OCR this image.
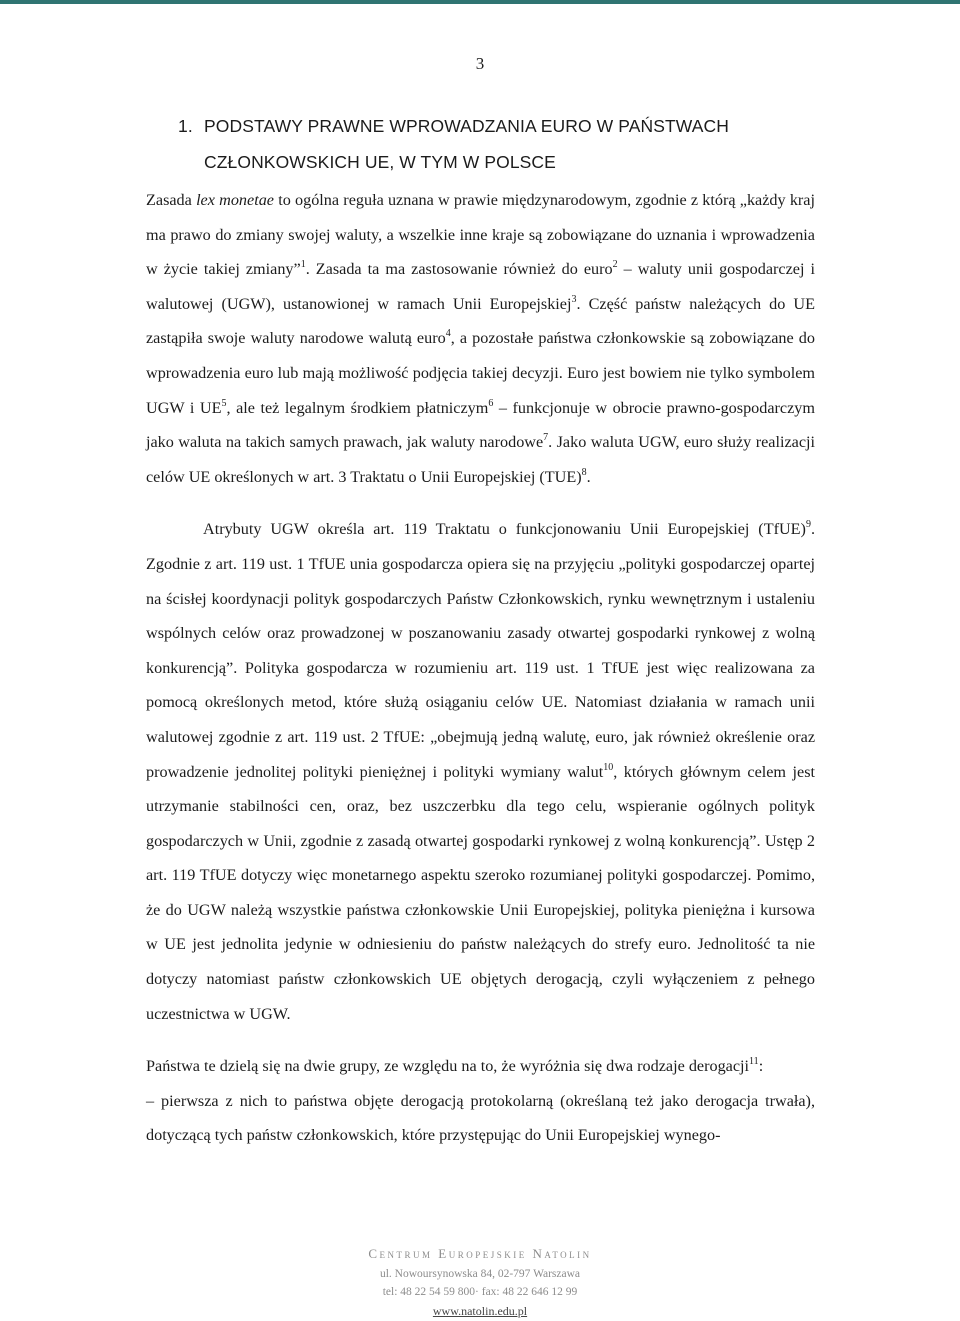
3
1. PODSTAWY PRAWNE WPROWADZANIA EURO W PAŃSTWACH
CZŁONKOWSKICH UE, W TYM W POLSCE

Zasada lex monetae to ogólna reguła uznana w prawie międzynarodowym, zgodnie z którą „każdy kraj ma prawo do zmiany swojej waluty, a wszelkie inne kraje są zobowiązane do uznania i wprowadzenia w życie takiej zmiany”$^1$. Zasada ta ma zastosowanie również do euro$^2$ – waluty unii gospodarczej i walutowej (UGW), ustanowionej w ramach Unii Europejskiej$^3$. Część państw należących do UE zastąpiła swoje waluty narodowe walutą euro$^4$, a pozostałe państwa członkowskie są zobowiązane do wprowadzenia euro lub mają możliwość podjęcia takiej decyzji. Euro jest bowiem nie tylko symbolem UGW i $UE^5$, ale też legalnym środkiem płatniczym$^6$ – funkcjonuje w obrocie prawno-gospodarczym jako waluta na takich samych prawach, jak waluty narodowe$^7$. Jako waluta UGW, euro służy realizacji celów UE określonych w art. 3 Traktatu o Unii Europejskiej (TUE)$^8$.

Atrybuty UGW określa art. 119 Traktatu o funkcjonowaniu Unii Europejskiej (TfUE)$^9$. Zgodnie z art. 119 ust. 1 TfUE unia gospodarcza opiera się na przyjęciu „polityki gospodarczej opartej na ścisłej koordynacji polityk gospodarczych Państw Członkowskich, rynku wewnętrznym i ustaleniu wspólnych celów oraz prowadzonej w poszanowaniu zasady otwartej gospodarki rynkowej z wolną konkurencją”. Polityka gospodarcza w rozumieniu art. 119 ust. 1 TfUE jest więc realizowana za pomocą określonych metod, które służą osiąganiu celów UE. Natomiast działania w ramach unii walutowej zgodnie z art. 119 ust. 2 TfUE: „obejmują jedną walutę, euro, jak również określenie oraz prowadzenie jednolitej polityki pieniężnej i polityki wymiany walut$^{10}$, których głównym celem jest utrzymanie stabilności cen, oraz, bez uszczerbku dla tego celu, wspieranie ogólnych polityk gospodarczych w Unii, zgodnie z zasadą otwartej gospodarki rynkowej z wolną konkurencją”. Ustęp 2 art. 119 TfUE dotyczy więc monetarnego aspektu szeroko rozumianej polityki gospodarczej. Pomimo, że do UGW należą wszystkie państwa członkowskie Unii Europejskiej, polityka pieniężna i kursowa w UE jest jednolita jedynie w odniesieniu do państw należących do strefy euro. Jednolitość ta nie dotyczy natomiast państw członkowskich UE objętych derogacją, czyli wyłączeniem z pełnego uczestnictwa w UGW.

Państwa te dzielą się na dwie grupy, ze względu na to, że wyróżnia się dwa rodzaje derogacji$^{11}$:

– pierwsza z nich to państwa objęte derogacją protokolarną (określaną też jako derogacja trwała), dotyczącą tych państw członkowskich, które przystępując do Unii Europejskiej wynego-

Centrum Europejskie Natolin
ul. Nowoursynowska 84, 02-797 Warszawa
tel: 48 22 54 59 800· fax: 48 22 646 12 99
www.natolin.edu.pl
